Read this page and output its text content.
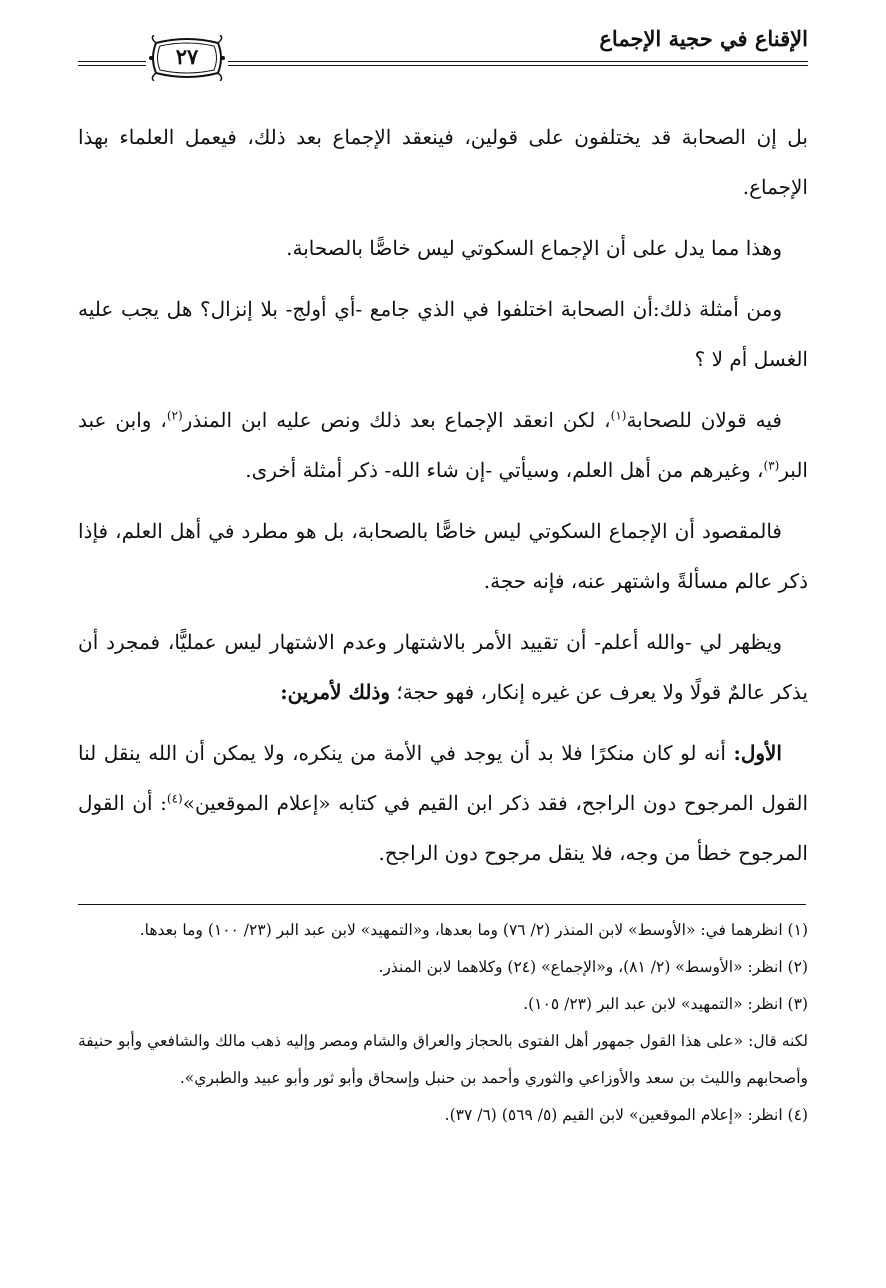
الإقناع في حجية الإجماع
٢٧

بل إن الصحابة قد يختلفون على قولين، فينعقد الإجماع بعد ذلك، فيعمل العلماء بهذا الإجماع.

وهذا مما يدل على أن الإجماع السكوتي ليس خاصًّا بالصحابة.

ومن أمثلة ذلك:أن الصحابة اختلفوا في الذي جامع -أي أولج- بلا إنزال؟ هل يجب عليه الغسل أم لا ؟

فيه قولان للصحابة$^{(١)}$، لكن انعقد الإجماع بعد ذلك ونص عليه ابن المنذر$^{(٢)}$، وابن عبد البر$^{(٣)}$، وغيرهم من أهل العلم، وسيأتي -إن شاء الله- ذكر أمثلة أخرى.

فالمقصود أن الإجماع السكوتي ليس خاصًّا بالصحابة، بل هو مطرد في أهل العلم، فإذا ذكر عالم مسألةً واشتهر عنه، فإنه حجة.

ويظهر لي -والله أعلم- أن تقييد الأمر بالاشتهار وعدم الاشتهار ليس عمليًّا، فمجرد أن يذكر عالمٌ قولًا ولا يعرف عن غيره إنكار، فهو حجة؛ وذلك لأمرين:

الأول: أنه لو كان منكرًا فلا بد أن يوجد في الأمة من ينكره، ولا يمكن أن الله ينقل لنا القول المرجوح دون الراجح، فقد ذكر ابن القيم في كتابه «إعلام الموقعين»$^{(٤)}$: أن القول المرجوح خطأ من وجه، فلا ينقل مرجوح دون الراجح.

(١) انظرهما في: «الأوسط» لابن المنذر (٢/ ٧٦) وما بعدها، و«التمهيد» لابن عبد البر (٢٣/ ١٠٠) وما بعدها.

(٢) انظر: «الأوسط» (٢/ ٨١)، و«الإجماع» (٢٤) وكلاهما لابن المنذر.

(٣) انظر: «التمهيد» لابن عبد البر (٢٣/ ١٠٥).

لكنه قال: «على هذا القول جمهور أهل الفتوى بالحجاز والعراق والشام ومصر وإليه ذهب مالك والشافعي وأبو حنيفة وأصحابهم والليث بن سعد والأوزاعي والثوري وأحمد بن حنبل وإسحاق وأبو ثور وأبو عبيد والطبري».

(٤) انظر: «إعلام الموقعين» لابن القيم (٥/ ٥٦٩) (٦/ ٣٧).
